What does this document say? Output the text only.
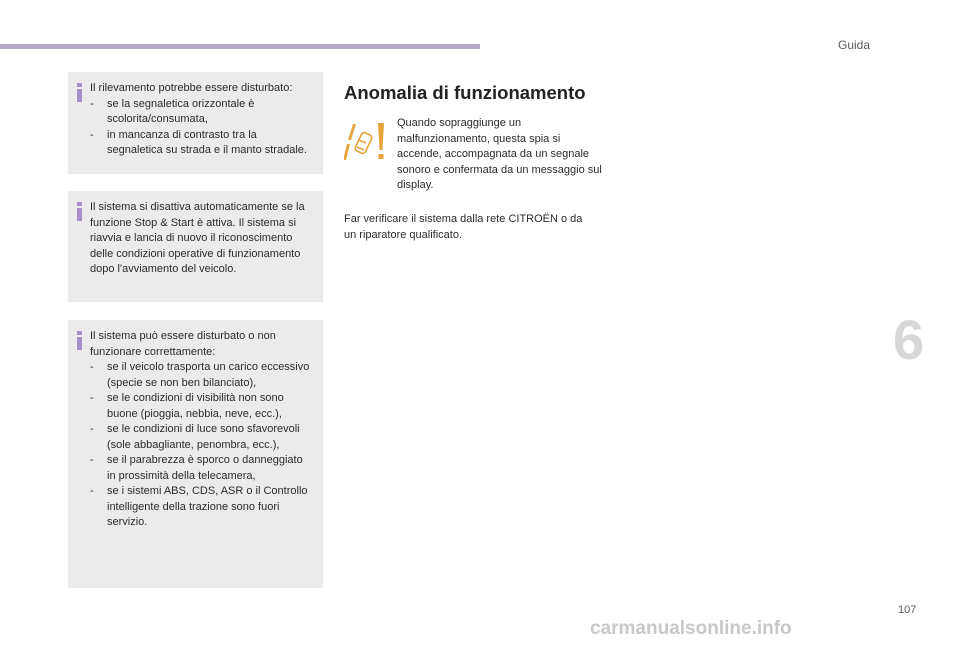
Guida
6

Il rilevamento potrebbe essere disturbato:

- se la segnaletica orizzontale è scolorita/consumata,
- in mancanza di contrasto tra la segnaletica su strada e il manto stradale.

Il sistema si disattiva automaticamente se la funzione Stop & Start è attiva. Il sistema si riavvia e lancia di nuovo il riconoscimento delle condizioni operative di funzionamento dopo l'avviamento del veicolo.

Il sistema può essere disturbato o non funzionare correttamente:

- se il veicolo trasporta un carico eccessivo (specie se non ben bilanciato),
- se le condizioni di visibilità non sono buone (pioggia, nebbia, neve, ecc.),
- se le condizioni di luce sono sfavorevoli (sole abbagliante, penombra, ecc.),
- se il parabrezza è sporco o danneggiato in prossimità della telecamera,
- se i sistemi ABS, CDS, ASR o il Controllo intelligente della trazione sono fuori servizio.
Anomalia di funzionamento

Quando sopraggiunge un malfunzionamento, questa spia si accende, accompagnata da un segnale sonoro e confermata da un messaggio sul display.

Far verificare il sistema dalla rete CITROËN o da un riparatore qualificato.

107
carmanualsonline.info
